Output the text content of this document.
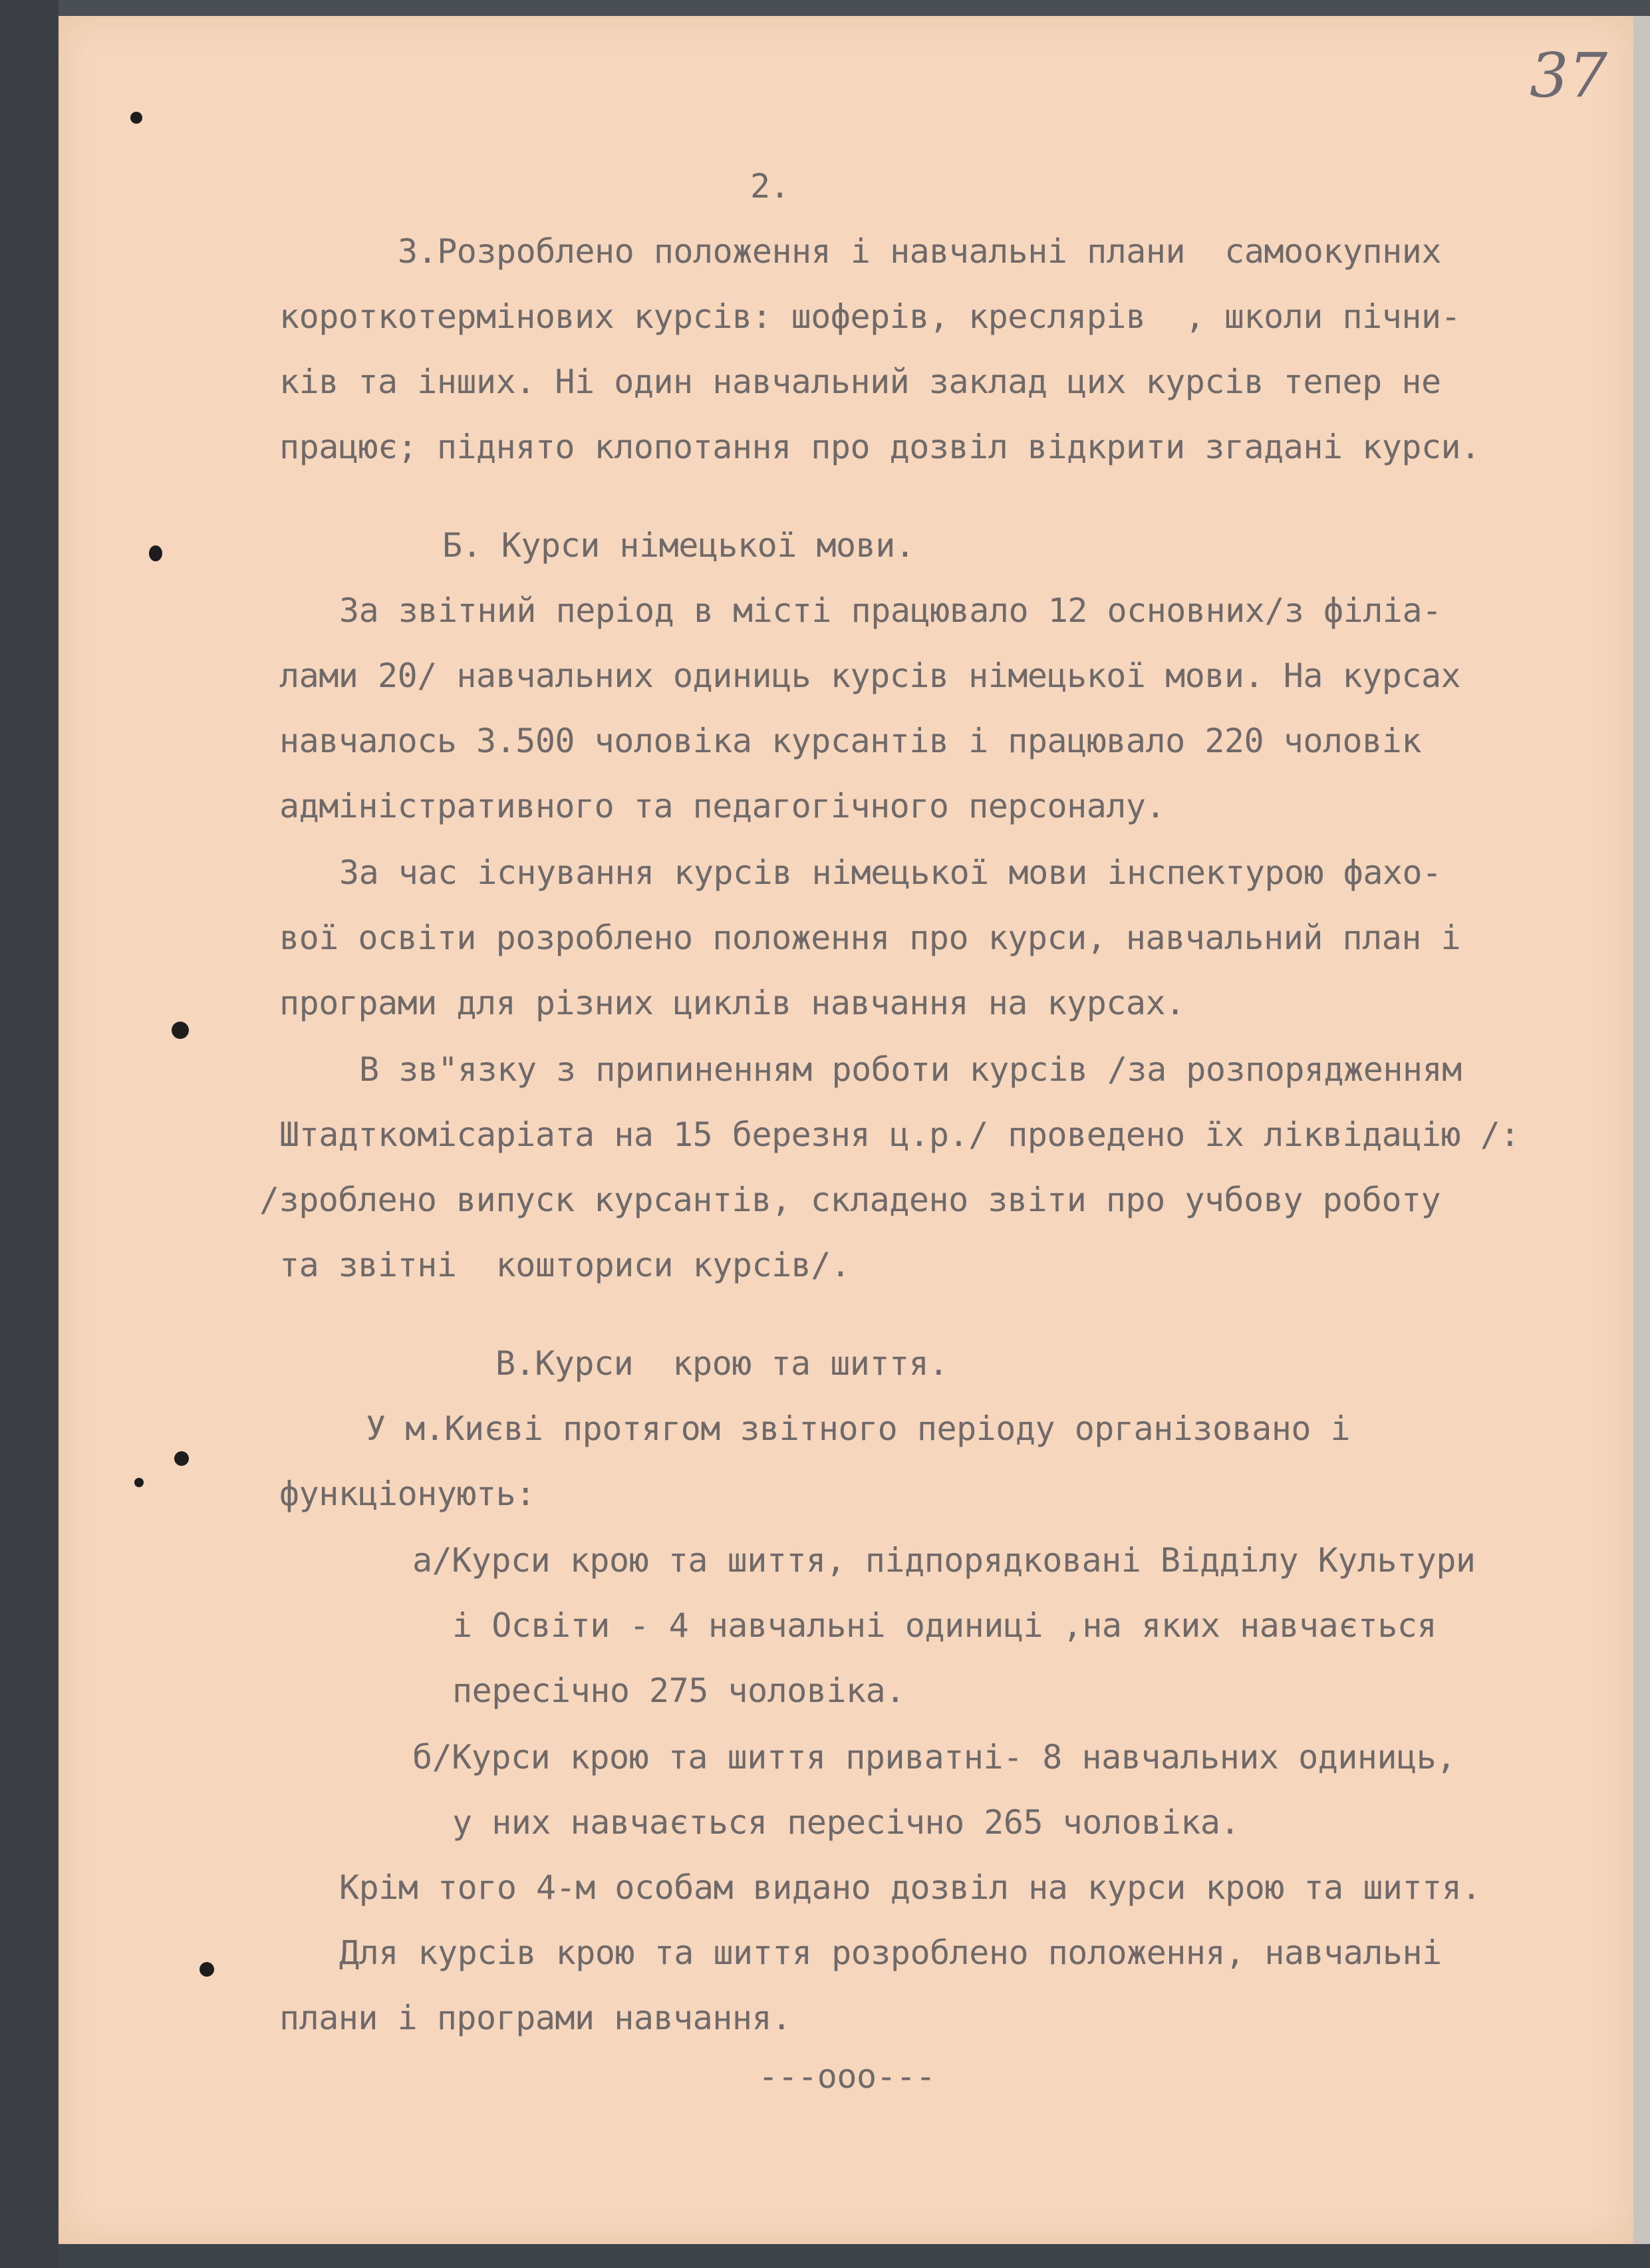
37
2.
3.Розроблено положення і навчальні плани  самоокупних
короткотермінових курсів: шоферів, креслярів  , школи пічни-
ків та інших. Ні один навчальний заклад цих курсів тепер не
працює; піднято клопотання про дозвіл відкрити згадані курси.
Б. Курси німецької мови.
За звітний період в місті працювало 12 основних/з філіа-
лами 20/ навчальних одиниць курсів німецької мови. На курсах
навчалось 3.500 чоловіка курсантів і працювало 220 чоловік
адміністративного та педагогічного персоналу.
За час існування курсів німецької мови інспектурою фахо-
вої освіти розроблено положення про курси, навчальний план і
програми для різних циклів навчання на курсах.
В зв"язку з припиненням роботи курсів /за розпорядженням
Штадткомісаріата на 15 березня ц.р./ проведено їх ліквідацію /:
/зроблено випуск курсантів, складено звіти про учбову роботу
та звітні  кошториси курсів/.
В.Курси  крою та шиття.
У м.Києві протягом звітного періоду організовано і
функціонують:
а/Курси крою та шиття, підпорядковані Відділу Культури
і Освіти - 4 навчальні одиниці ,на яких навчається
пересічно 275 чоловіка.
б/Курси крою та шиття приватні- 8 навчальних одиниць,
у них навчається пересічно 265 чоловіка.
Крім того 4-м особам видано дозвіл на курси крою та шиття.
Для курсів крою та шиття розроблено положення, навчальні
плани і програми навчання.
---ооо---
